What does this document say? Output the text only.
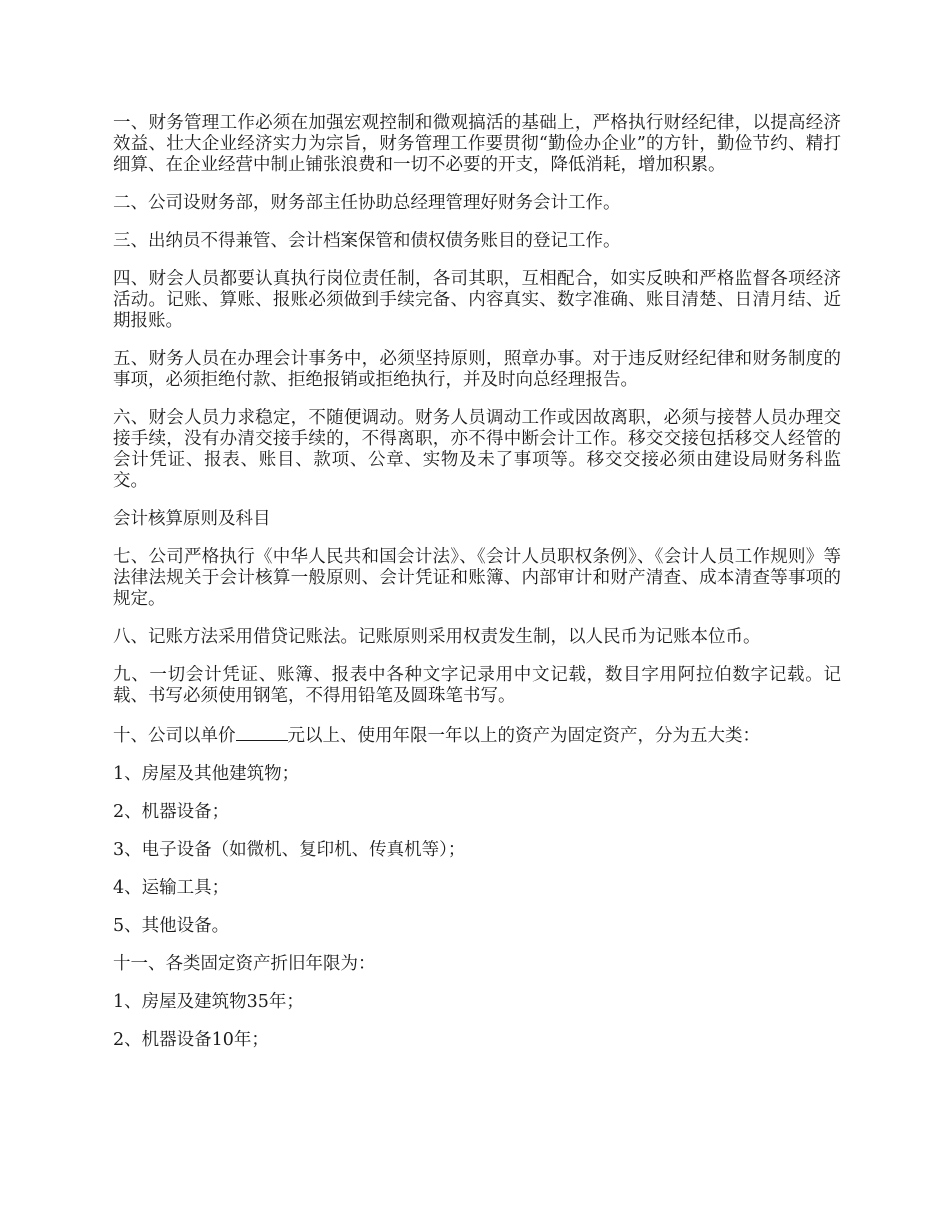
一、财务管理工作必须在加强宏观控制和微观搞活的基础上，严格执行财经纪律，以提高经济效益、壮大企业经济实力为宗旨，财务管理工作要贯彻“勤俭办企业”的方针，勤俭节约、精打细算、在企业经营中制止铺张浪费和一切不必要的开支，降低消耗，增加积累。

二、公司设财务部，财务部主任协助总经理管理好财务会计工作。

三、出纳员不得兼管、会计档案保管和债权债务账目的登记工作。

四、财会人员都要认真执行岗位责任制，各司其职，互相配合，如实反映和严格监督各项经济活动。记账、算账、报账必须做到手续完备、内容真实、数字准确、账目清楚、日清月结、近期报账。

五、财务人员在办理会计事务中，必须坚持原则，照章办事。对于违反财经纪律和财务制度的事项，必须拒绝付款、拒绝报销或拒绝执行，并及时向总经理报告。

六、财会人员力求稳定，不随便调动。财务人员调动工作或因故离职，必须与接替人员办理交接手续，没有办清交接手续的，不得离职，亦不得中断会计工作。移交交接包括移交人经管的会计凭证、报表、账目、款项、公章、实物及未了事项等。移交交接必须由建设局财务科监交。

会计核算原则及科目

七、公司严格执行《中华人民共和国会计法》、《会计人员职权条例》、《会计人员工作规则》等法律法规关于会计核算一般原则、会计凭证和账簿、内部审计和财产清查、成本清查等事项的规定。

八、记账方法采用借贷记账法。记账原则采用权责发生制，以人民币为记账本位币。

九、一切会计凭证、账簿、报表中各种文字记录用中文记载，数目字用阿拉伯数字记载。记载、书写必须使用钢笔，不得用铅笔及圆珠笔书写。

十、公司以单价	元以上、使用年限一年以上的资产为固定资产，分为五大类：

1、房屋及其他建筑物；

2、机器设备；

3、电子设备（如微机、复印机、传真机等）；

4、运输工具；

5、其他设备。

十一、各类固定资产折旧年限为：

1、房屋及建筑物35年；

2、机器设备10年；
